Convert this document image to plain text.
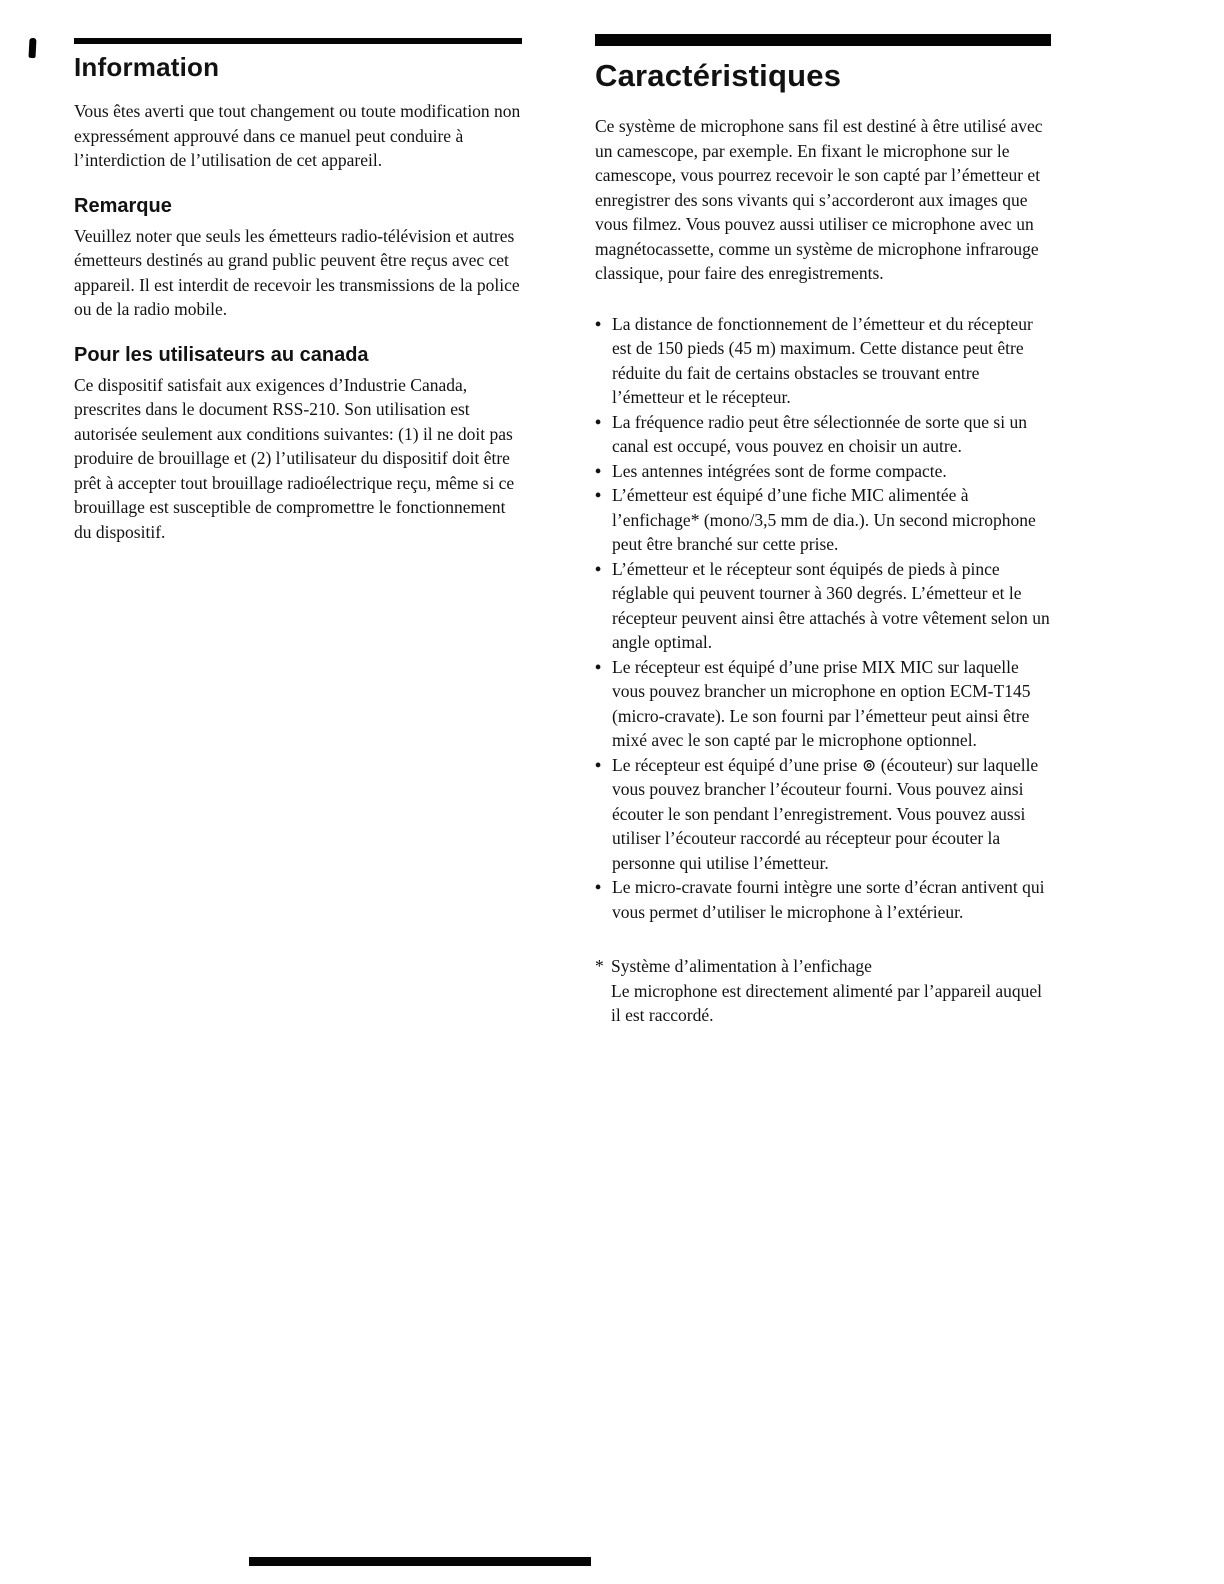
Information

Vous êtes averti que tout changement ou toute modification non expressément approuvé dans ce manuel peut conduire à l’interdiction de l’utilisation de cet appareil.

Remarque

Veuillez noter que seuls les émetteurs radio-télévision et autres émetteurs destinés au grand public peuvent être reçus avec cet appareil. Il est interdit de recevoir les transmissions de la police ou de la radio mobile.

Pour les utilisateurs au canada

Ce dispositif satisfait aux exigences d’Industrie Canada, prescrites dans le document RSS-210. Son utilisation est autorisée seulement aux conditions suivantes: (1) il ne doit pas produire de brouillage et (2) l’utilisateur du dispositif doit être prêt à accepter tout brouillage radioélectrique reçu, même si ce brouillage est susceptible de compromettre le fonctionnement du dispositif.

Caractéristiques

Ce système de microphone sans fil est destiné à être utilisé avec un camescope, par exemple. En fixant le microphone sur le camescope, vous pourrez recevoir le son capté par l’émetteur et enregistrer des sons vivants qui s’accorderont aux images que vous filmez. Vous pouvez aussi utiliser ce microphone avec un magnétocassette, comme un système de microphone infrarouge classique, pour faire des enregistrements.

• La distance de fonctionnement de l’émetteur et du récepteur est de 150 pieds (45 m) maximum. Cette distance peut être réduite du fait de certains obstacles se trouvant entre l’émetteur et le récepteur.
• La fréquence radio peut être sélectionnée de sorte que si un canal est occupé, vous pouvez en choisir un autre.
• Les antennes intégrées sont de forme compacte.
• L’émetteur est équipé d’une fiche MIC alimentée à l’enfichage* (mono/3,5 mm de dia.). Un second microphone peut être branché sur cette prise.
• L’émetteur et le récepteur sont équipés de pieds à pince réglable qui peuvent tourner à 360 degrés. L’émetteur et le récepteur peuvent ainsi être attachés à votre vêtement selon un angle optimal.
• Le récepteur est équipé d’une prise MIX MIC sur laquelle vous pouvez brancher un microphone en option ECM-T145 (micro-cravate). Le son fourni par l’émetteur peut ainsi être mixé avec le son capté par le microphone optionnel.
• Le récepteur est équipé d’une prise ⊚ (écouteur) sur laquelle vous pouvez brancher l’écouteur fourni. Vous pouvez ainsi écouter le son pendant l’enregistrement. Vous pouvez aussi utiliser l’écouteur raccordé au récepteur pour écouter la personne qui utilise l’émetteur.
• Le micro-cravate fourni intègre une sorte d’écran antivent qui vous permet d’utiliser le microphone à l’extérieur.
* Système d’alimentation à l’enfichage
Le microphone est directement alimenté par l’appareil auquel il est raccordé.
